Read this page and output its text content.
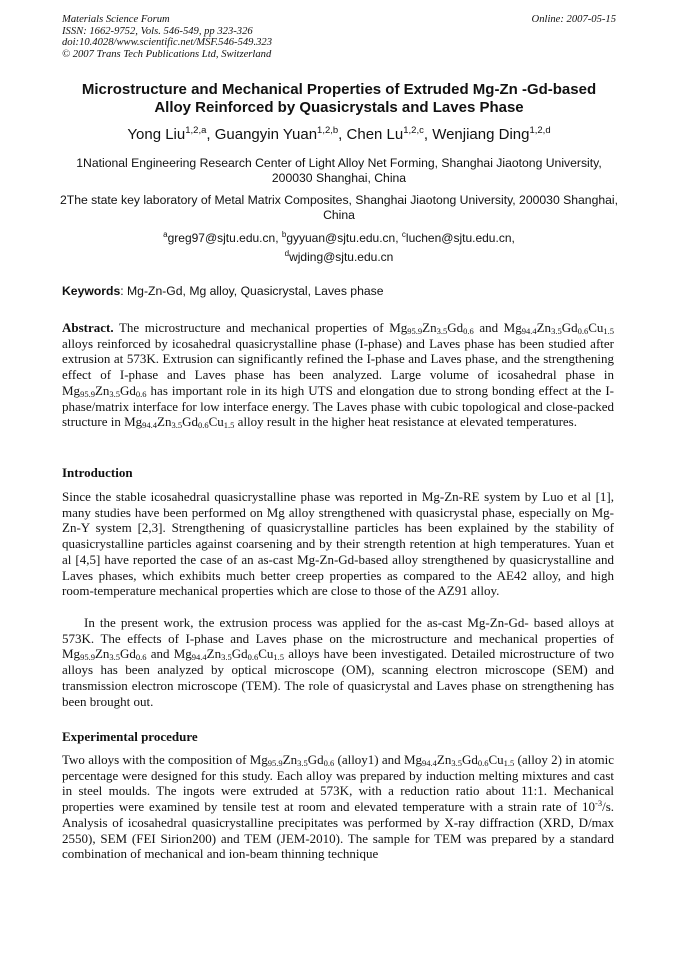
Materials Science Forum
ISSN: 1662-9752, Vols. 546-549, pp 323-326
doi:10.4028/www.scientific.net/MSF.546-549.323
© 2007 Trans Tech Publications Ltd, Switzerland
Online: 2007-05-15
Microstructure and Mechanical Properties of Extruded Mg-Zn -Gd-based
Alloy Reinforced by Quasicrystals and Laves Phase
Yong Liu$^{1,2,a}$, Guangyin Yuan$^{1,2,b}$, Chen Lu$^{1,2,c}$, Wenjiang Ding$^{1,2,d}$
1National Engineering Research Center of Light Alloy Net Forming, Shanghai Jiaotong University, 200030 Shanghai, China
2The state key laboratory of Metal Matrix Composites, Shanghai Jiaotong University, 200030 Shanghai, China
$^a$greg97@sjtu.edu.cn, $^b$gyyuan@sjtu.edu.cn, $^c$luchen@sjtu.edu.cn,
$^d$wjding@sjtu.edu.cn
Keywords: Mg-Zn-Gd, Mg alloy, Quasicrystal, Laves phase
Abstract. The microstructure and mechanical properties of $Mg_{95.9}Zn_{3.5}Gd_{0.6}$ and $Mg_{94.4}Zn_{3.5}Gd_{0.6}Cu_{1.5}$ alloys reinforced by icosahedral quasicrystalline phase (I-phase) and Laves phase has been studied after extrusion at 573K. Extrusion can significantly refined the I-phase and Laves phase, and the strengthening effect of I-phase and Laves phase has been analyzed. Large volume of icosahedral phase in $Mg_{95.9}Zn_{3.5}Gd_{0.6}$ has important role in its high UTS and elongation due to strong bonding effect at the I-phase/matrix interface for low interface energy. The Laves phase with cubic topological and close-packed structure in $Mg_{94.4}Zn_{3.5}Gd_{0.6}Cu_{1.5}$ alloy result in the higher heat resistance at elevated temperatures.
Introduction
Since the stable icosahedral quasicrystalline phase was reported in Mg-Zn-RE system by Luo et al [1], many studies have been performed on Mg alloy strengthened with quasicrystal phase, especially on Mg-Zn-Y system [2,3]. Strengthening of quasicrystalline particles has been explained by the stability of quasicrystalline particles against coarsening and by their strength retention at high temperatures. Yuan et al [4,5] have reported the case of an as-cast Mg-Zn-Gd-based alloy strengthened by quasicrystalline and Laves phases, which exhibits much better creep properties as compared to the AE42 alloy, and high room-temperature mechanical properties which are close to those of the AZ91 alloy.
In the present work, the extrusion process was applied for the as-cast Mg-Zn-Gd- based alloys at 573K. The effects of I-phase and Laves phase on the microstructure and mechanical properties of $Mg_{95.9}Zn_{3.5}Gd_{0.6}$ and $Mg_{94.4}Zn_{3.5}Gd_{0.6}Cu_{1.5}$ alloys have been investigated. Detailed microstructure of two alloys has been analyzed by optical microscope (OM), scanning electron microscope (SEM) and transmission electron microscope (TEM). The role of quasicrystal and Laves phase on strengthening has been brought out.
Experimental procedure
Two alloys with the composition of $Mg_{95.9}Zn_{3.5}Gd_{0.6}$ (alloy1) and $Mg_{94.4}Zn_{3.5}Gd_{0.6}Cu_{1.5}$ (alloy 2) in atomic percentage were designed for this study. Each alloy was prepared by induction melting mixtures and cast in steel moulds. The ingots were extruded at 573K, with a reduction ratio about 11:1. Mechanical properties were examined by tensile test at room and elevated temperature with a strain rate of $10^{-3}/s$. Analysis of icosahedral quasicrystalline precipitates was performed by X-ray diffraction (XRD, D/max 2550), SEM (FEI Sirion200) and TEM (JEM-2010). The sample for TEM was prepared by a standard combination of mechanical and ion-beam thinning technique
